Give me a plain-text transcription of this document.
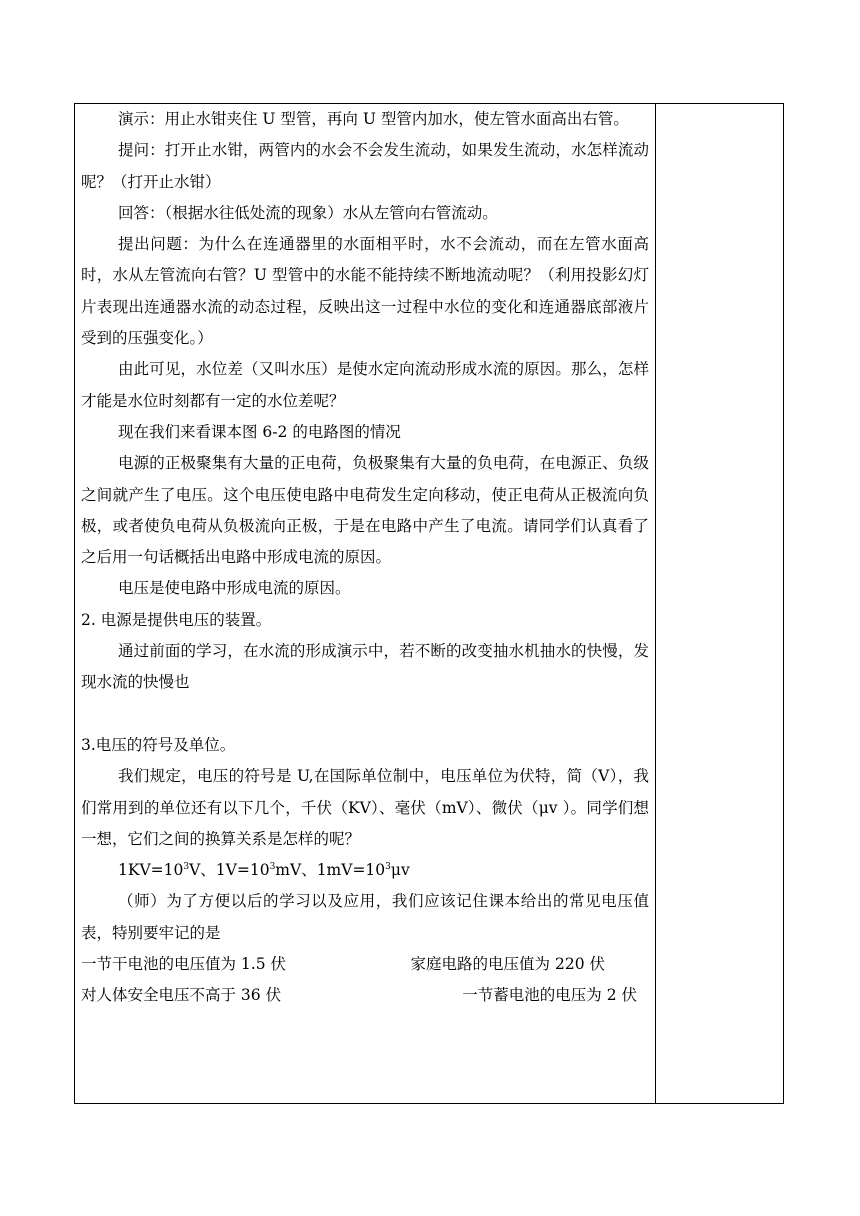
演示：用止水钳夹住 U 型管，再向 U 型管内加水，使左管水面高出右管。

提问：打开止水钳，两管内的水会不会发生流动，如果发生流动，水怎样流动呢？（打开止水钳）

回答：（根据水往低处流的现象）水从左管向右管流动。

提出问题：为什么在连通器里的水面相平时，水不会流动，而在左管水面高时，水从左管流向右管？U 型管中的水能不能持续不断地流动呢？（利用投影幻灯片表现出连通器水流的动态过程，反映出这一过程中水位的变化和连通器底部液片受到的压强变化。）

由此可见，水位差（又叫水压）是使水定向流动形成水流的原因。那么，怎样才能是水位时刻都有一定的水位差呢？

现在我们来看课本图 6-2 的电路图的情况

电源的正极聚集有大量的正电荷，负极聚集有大量的负电荷，在电源正、负级之间就产生了电压。这个电压使电路中电荷发生定向移动，使正电荷从正极流向负极，或者使负电荷从负极流向正极，于是在电路中产生了电流。请同学们认真看了之后用一句话概括出电路中形成电流的原因。

电压是使电路中形成电流的原因。

2. 电源是提供电压的装置。

通过前面的学习，在水流的形成演示中，若不断的改变抽水机抽水的快慢，发现水流的快慢也

3.电压的符号及单位。

我们规定，电压的符号是 U,在国际单位制中，电压单位为伏特，简（V），我们常用到的单位还有以下几个，千伏（KV）、毫伏（mV）、微伏（μv ）。同学们想一想，它们之间的换算关系是怎样的呢？

$1KV=10^3V$、$1V=10^3mV$、$1mV=10^3\mu v$

（师）为了方便以后的学习以及应用，我们应该记住课本给出的常见电压值表，特别要牢记的是

一节干电池的电压值为 1.5 伏	家庭电路的电压值为 220 伏
对人体安全电压不高于 36 伏	一节蓄电池的电压为 2 伏
